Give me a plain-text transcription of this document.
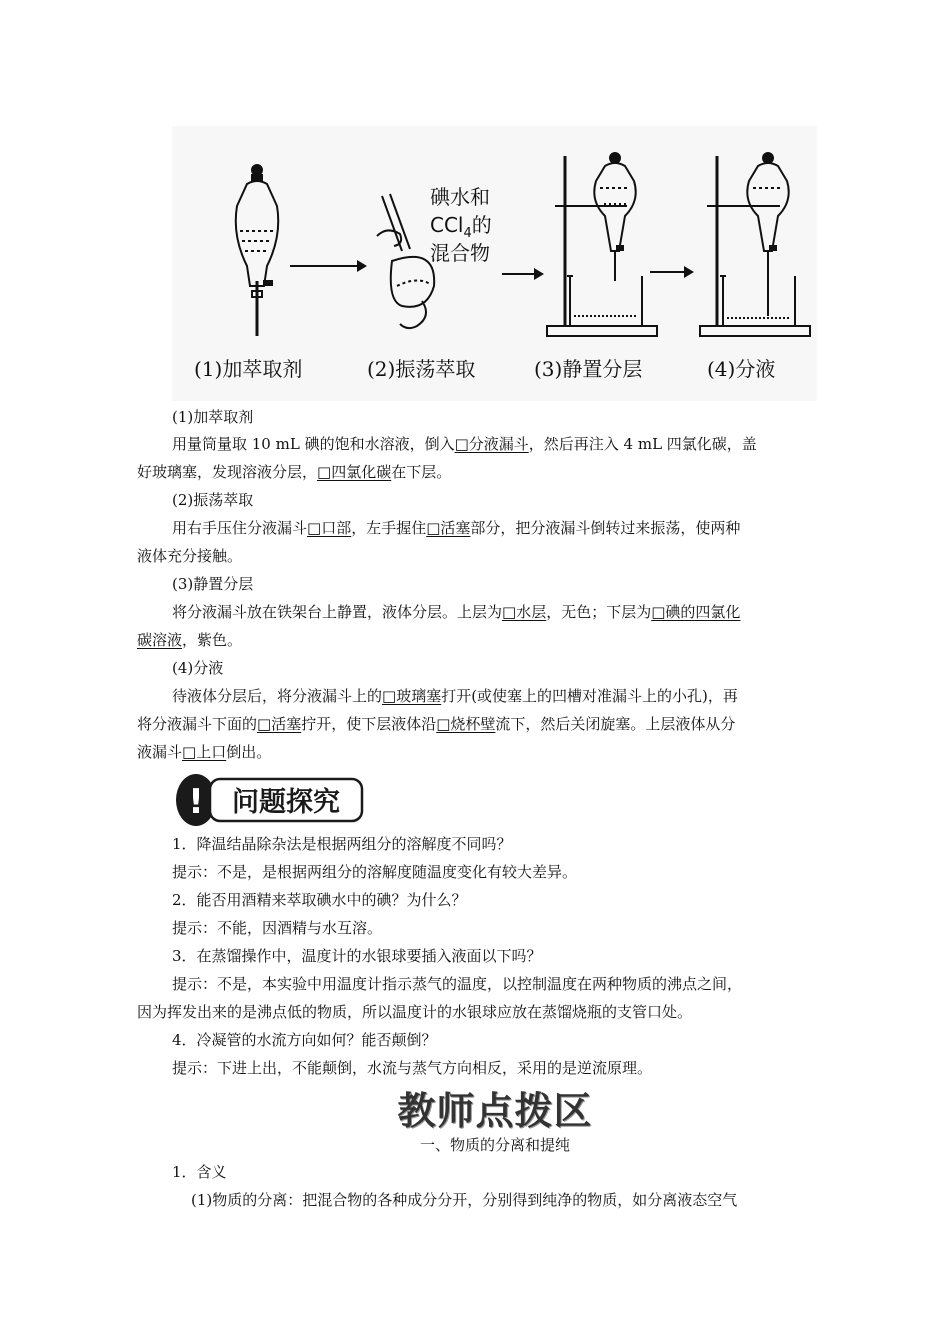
碘水和
CCl$_4$的
混合物
(1)加萃取剂	(2)振荡萃取	(3)静置分层	(4)分液
(1)加萃取剂
用量筒量取 10 mL 碘的饱和水溶液，倒入□分液漏斗，然后再注入 4 mL 四氯化碳，盖
好玻璃塞，发现溶液分层，□四氯化碳在下层。
(2)振荡萃取
用右手压住分液漏斗□口部，左手握住□活塞部分，把分液漏斗倒转过来振荡，使两种
液体充分接触。
(3)静置分层
将分液漏斗放在铁架台上静置，液体分层。上层为□水层，无色；下层为□碘的四氯化
碳溶液，紫色。
(4)分液
待液体分层后，将分液漏斗上的□玻璃塞打开(或使塞上的凹槽对准漏斗上的小孔)，再
将分液漏斗下面的□活塞拧开，使下层液体沿□烧杯壁流下，然后关闭旋塞。上层液体从分
液漏斗□上口倒出。
! 问题探究
1．降温结晶除杂法是根据两组分的溶解度不同吗？
提示：不是，是根据两组分的溶解度随温度变化有较大差异。
2．能否用酒精来萃取碘水中的碘？为什么？
提示：不能，因酒精与水互溶。
3．在蒸馏操作中，温度计的水银球要插入液面以下吗？
提示：不是，本实验中用温度计指示蒸气的温度，以控制温度在两种物质的沸点之间，
因为挥发出来的是沸点低的物质，所以温度计的水银球应放在蒸馏烧瓶的支管口处。
4．冷凝管的水流方向如何？能否颠倒？
提示：下进上出，不能颠倒，水流与蒸气方向相反，采用的是逆流原理。
教师点拨区
一、物质的分离和提纯
1．含义
(1)物质的分离：把混合物的各种成分分开，分别得到纯净的物质，如分离液态空气
